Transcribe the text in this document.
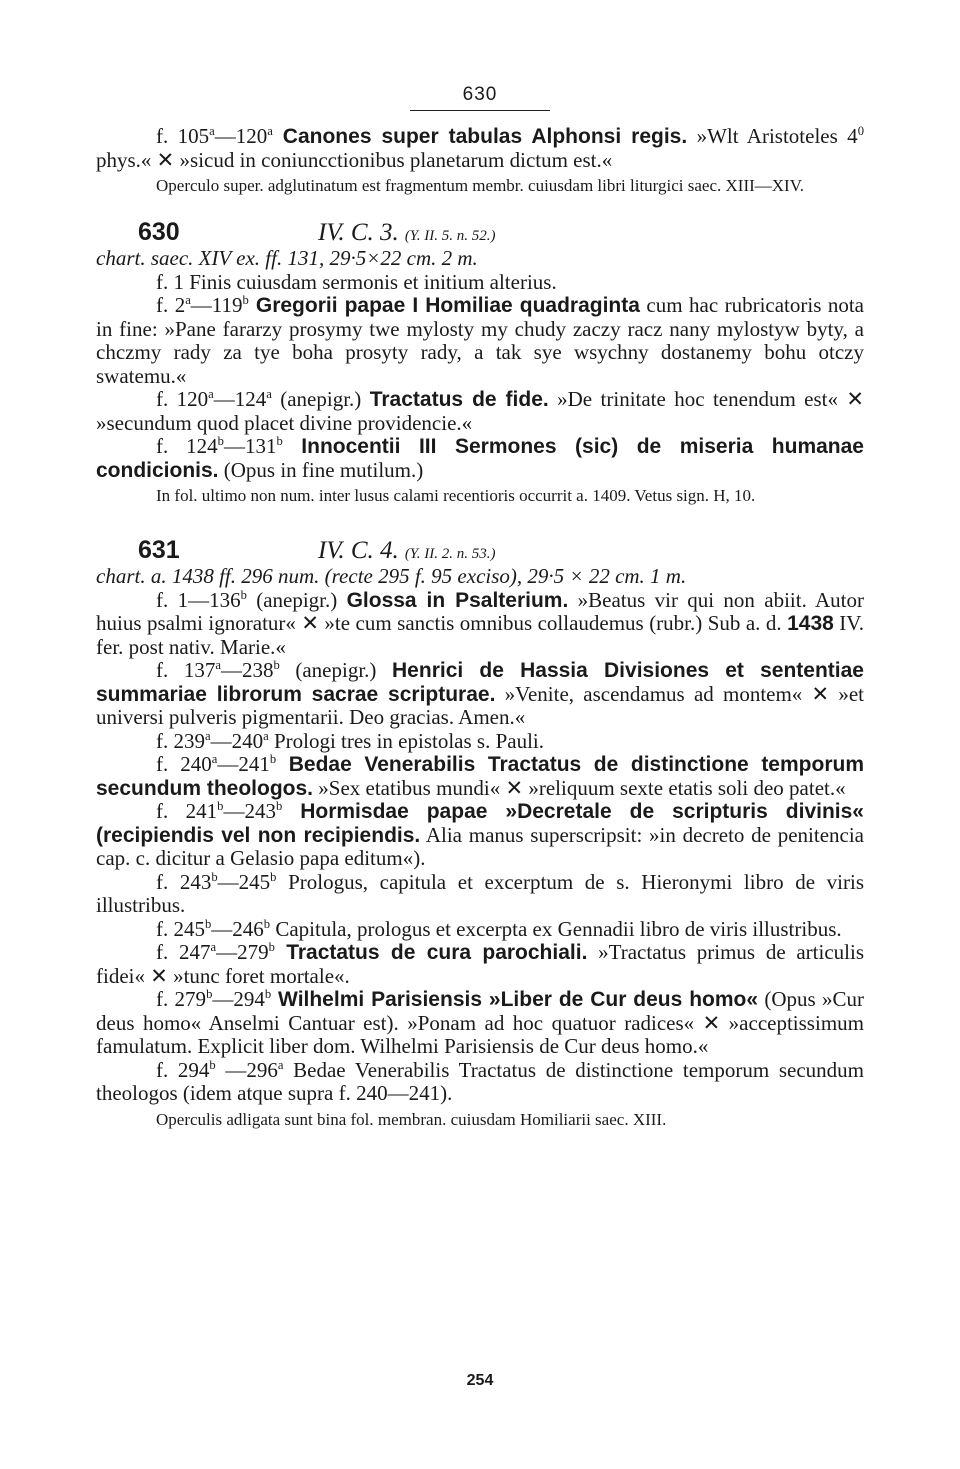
630

f. 105$^a$—120$^a$ Canones super tabulas Alphonsi regis. »Wlt Aristoteles $4^0$ phys.« ✕ »sicud in coniuncctionibus planetarum dictum est.«

Operculo super. adglutinatum est fragmentum membr. cuiusdam libri liturgici saec. XIII—XIV.

630	IV. C. 3. (Y. II. 5. n. 52.)

chart. saec. XIV ex. ff. 131, 29·5×22 cm. 2 m.

f. 1 Finis cuiusdam sermonis et initium alterius.

f. 2$^a$—119$^b$ Gregorii papae I Homiliae quadraginta cum hac rubricatoris nota in fine: »Pane fararzy prosymy twe mylosty my chudy zaczy racz nany mylostyw byty, a chczmy rady za tye boha prosyty rady, a tak sye wsychny dostanemy bohu otczy swatemu.«

f. 120$^a$—124$^a$ (anepigr.) Tractatus de fide. »De trinitate hoc tenendum est« ✕ »secundum quod placet divine providencie.«

f. 124$^b$—131$^b$ Innocentii III Sermones (sic) de miseria humanae condicionis. (Opus in fine mutilum.)

In fol. ultimo non num. inter lusus calami recentioris occurrit a. 1409. Vetus sign. H, 10.

631	IV. C. 4. (Y. II. 2. n. 53.)

chart. a. 1438 ff. 296 num. (recte 295 f. 95 exciso), 29·5 × 22 cm. 1 m.

f. 1—136$^b$ (anepigr.) Glossa in Psalterium. »Beatus vir qui non abiit. Autor huius psalmi ignoratur« ✕ »te cum sanctis omnibus collaudemus (rubr.) Sub a. d. 1438 IV. fer. post nativ. Marie.«

f. 137$^a$—238$^b$ (anepigr.) Henrici de Hassia Divisiones et sententiae summariae librorum sacrae scripturae. »Venite, ascendamus ad montem« ✕ »et universi pulveris pigmentarii. Deo gracias. Amen.«

f. 239$^a$—240$^a$ Prologi tres in epistolas s. Pauli.

f. 240$^a$—241$^b$ Bedae Venerabilis Tractatus de distinctione temporum secundum theologos. »Sex etatibus mundi« ✕ »reliquum sexte etatis soli deo patet.«

f. 241$^b$—243$^b$ Hormisdae papae »Decretale de scripturis divinis« (recipiendis vel non recipiendis. Alia manus superscripsit: »in decreto de penitencia cap. c. dicitur a Gelasio papa editum«).

f. 243$^b$—245$^b$ Prologus, capitula et excerptum de s. Hieronymi libro de viris illustribus.

f. 245$^b$—246$^b$ Capitula, prologus et excerpta ex Gennadii libro de viris illustribus.

f. 247$^a$—279$^b$ Tractatus de cura parochiali. »Tractatus primus de articulis fidei« ✕ »tunc foret mortale«.

f. 279$^b$—294$^b$ Wilhelmi Parisiensis »Liber de Cur deus homo« (Opus »Cur deus homo« Anselmi Cantuar est). »Ponam ad hoc quatuor radices« ✕ »acceptissimum famulatum. Explicit liber dom. Wilhelmi Parisiensis de Cur deus homo.«

f. 294$^b$ —296$^a$ Bedae Venerabilis Tractatus de distinctione temporum secundum theologos (idem atque supra f. 240—241).

Operculis adligata sunt bina fol. membran. cuiusdam Homiliarii saec. XIII.

254
